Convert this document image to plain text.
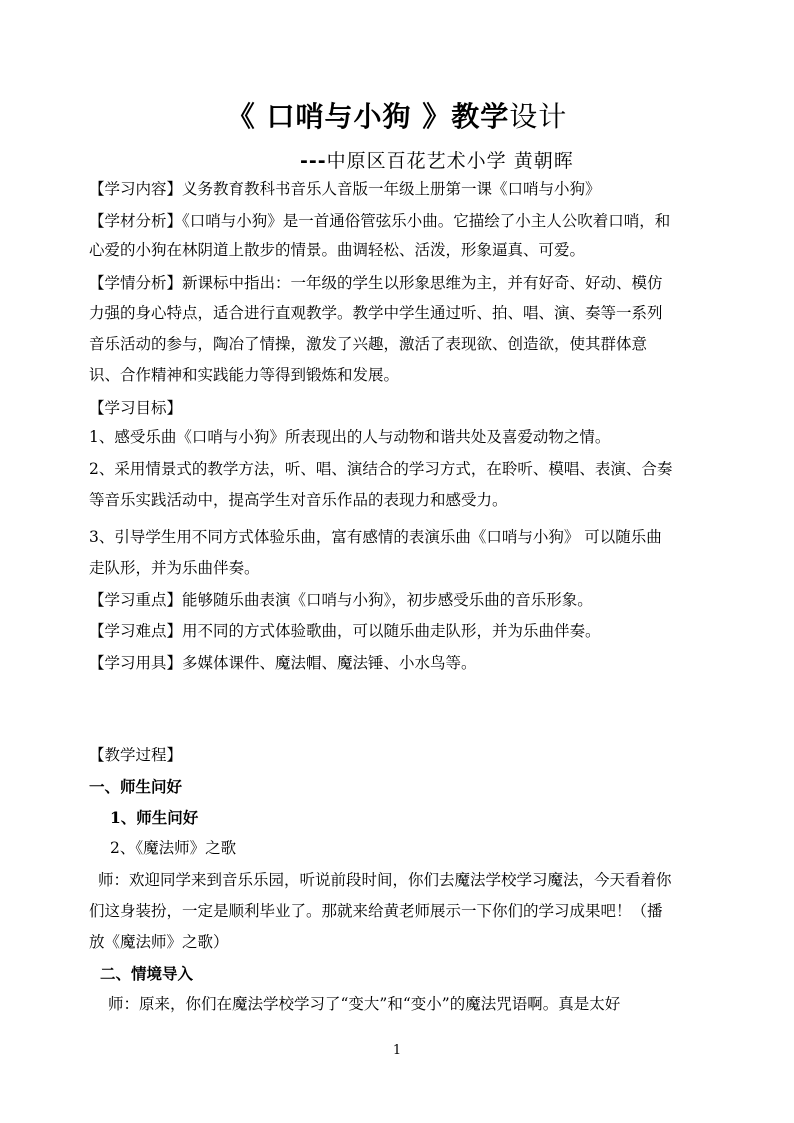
《 口哨与小狗 》教学设计
---中原区百花艺术小学 黄朝晖
【学习内容】义务教育教科书音乐人音版一年级上册第一课《口哨与小狗》
【学材分析】《口哨与小狗》是一首通俗管弦乐小曲。它描绘了小主人公吹着口哨，和
心爱的小狗在林阴道上散步的情景。曲调轻松、活泼，形象逼真、可爱。
【学情分析】新课标中指出：一年级的学生以形象思维为主，并有好奇、好动、模仿
力强的身心特点，适合进行直观教学。教学中学生通过听、拍、唱、演、奏等一系列
音乐活动的参与，陶冶了情操，激发了兴趣，激活了表现欲、创造欲，使其群体意
识、合作精神和实践能力等得到锻炼和发展。
【学习目标】
1、感受乐曲《口哨与小狗》所表现出的人与动物和谐共处及喜爱动物之情。
2、采用情景式的教学方法，听、唱、演结合的学习方式，在聆听、模唱、表演、合奏
等音乐实践活动中，提高学生对音乐作品的表现力和感受力。
3、引导学生用不同方式体验乐曲，富有感情的表演乐曲《口哨与小狗》 可以随乐曲
走队形，并为乐曲伴奏。
【学习重点】能够随乐曲表演《口哨与小狗》，初步感受乐曲的音乐形象。
【学习难点】用不同的方式体验歌曲，可以随乐曲走队形，并为乐曲伴奏。
【学习用具】多媒体课件、魔法帽、魔法锤、小水鸟等。
【教学过程】
一、师生问好
1、师生问好
2、《魔法师》之歌
师：欢迎同学来到音乐乐园，听说前段时间，你们去魔法学校学习魔法，今天看着你
们这身装扮，一定是顺利毕业了。那就来给黄老师展示一下你们的学习成果吧！（播
放《魔法师》之歌）
二、情境导入
师：原来，你们在魔法学校学习了“变大”和“变小”的魔法咒语啊。真是太好
1
